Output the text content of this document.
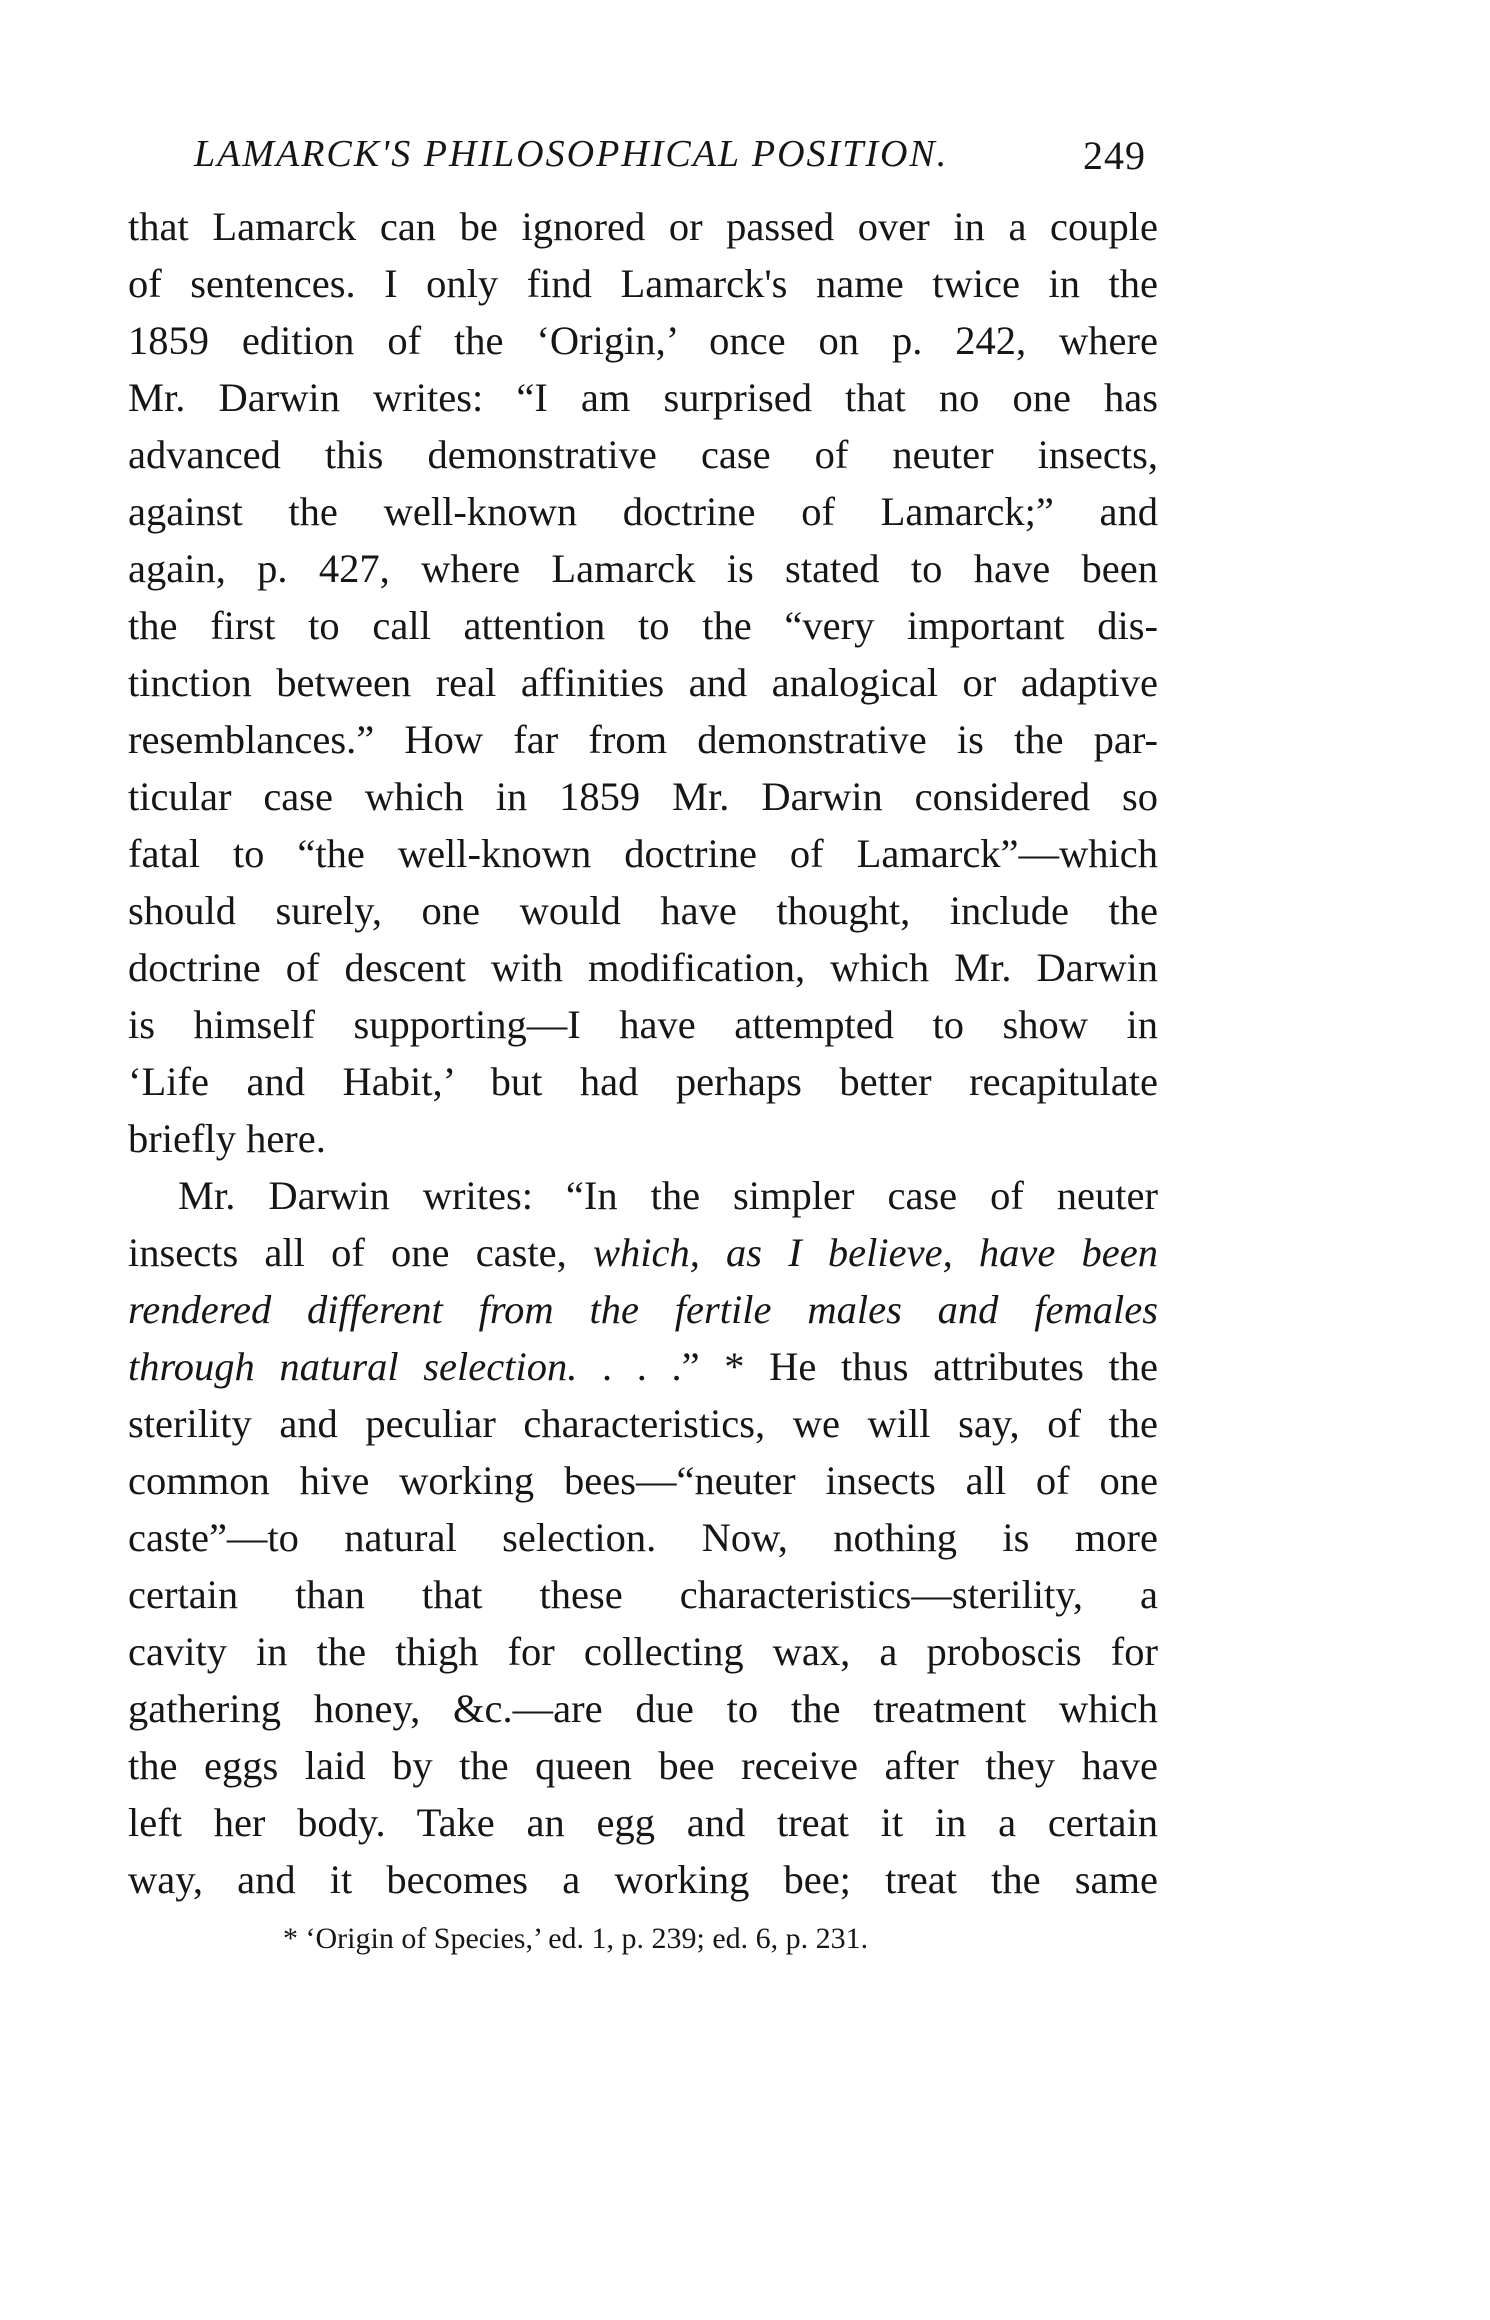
LAMARCK'S PHILOSOPHICAL POSITION.	249
that Lamarck can be ignored or passed over in a couple
of sentences. I only find Lamarck's name twice in the
1859 edition of the ‘Origin,’ once on p. 242, where
Mr. Darwin writes: “I am surprised that no one has
advanced this demonstrative case of neuter insects,
against the well-known doctrine of Lamarck;” and
again, p. 427, where Lamarck is stated to have been
the first to call attention to the “very important dis-
tinction between real affinities and analogical or adaptive
resemblances.” How far from demonstrative is the par-
ticular case which in 1859 Mr. Darwin considered so
fatal to “the well-known doctrine of Lamarck”—which
should surely, one would have thought, include the
doctrine of descent with modification, which Mr. Darwin
is himself supporting—I have attempted to show in
‘Life and Habit,’ but had perhaps better recapitulate
briefly here.
Mr. Darwin writes: “In the simpler case of neuter
insects all of one caste, which, as I believe, have been
rendered different from the fertile males and females
through natural selection. . . .” * He thus attributes the
sterility and peculiar characteristics, we will say, of the
common hive working bees—“neuter insects all of one
caste”—to natural selection. Now, nothing is more
certain than that these characteristics—sterility, a
cavity in the thigh for collecting wax, a proboscis for
gathering honey, &c.—are due to the treatment which
the eggs laid by the queen bee receive after they have
left her body. Take an egg and treat it in a certain
way, and it becomes a working bee; treat the same
* ‘Origin of Species,’ ed. 1, p. 239; ed. 6, p. 231.
